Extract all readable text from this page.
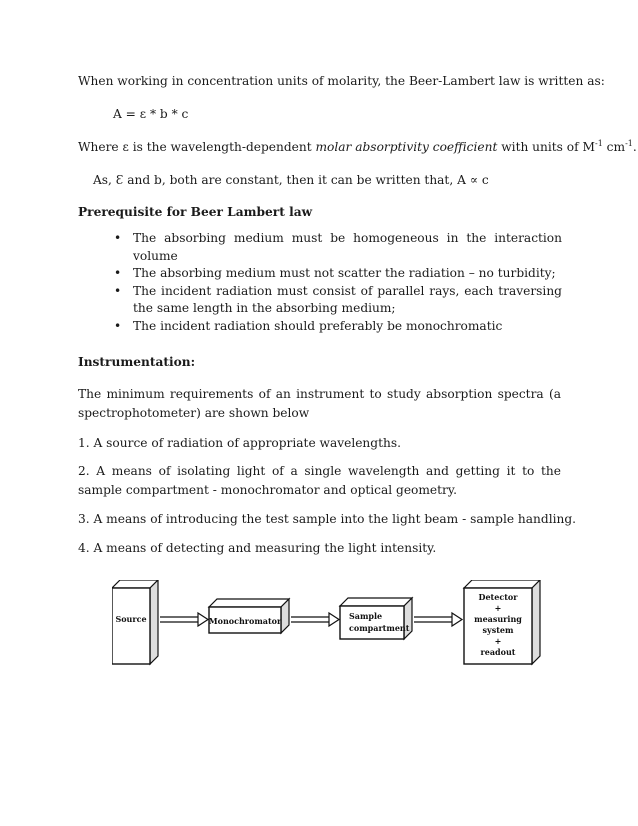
When working in concentration units of molarity, the Beer-Lambert law is written as:
A = ε * b * c
Where ε is the wavelength-dependent molar absorptivity coefficient with units of $M^{-1}$ $cm^{-1}$.
As, Ɛ and b, both are constant, then it can be written that, A ∝ c
Prerequisite for Beer Lambert law
• The absorbing medium must be homogeneous in the interaction volume
• The absorbing medium must not scatter the radiation – no turbidity;
• The incident radiation must consist of parallel rays, each traversing the same length in the absorbing medium;
• The incident radiation should preferably be monochromatic
Instrumentation:
The minimum requirements of an instrument to study absorption spectra (a spectrophotometer) are shown below
1. A source of radiation of appropriate wavelengths.
2. A means of isolating light of a single wavelength and getting it to the sample compartment - monochromator and optical geometry.
3. A means of introducing the test sample into the light beam - sample handling.
4. A means of detecting and measuring the light intensity.
Source	Monochromator	Sample
compartment
Detector
+
measuring
system
+
readout
